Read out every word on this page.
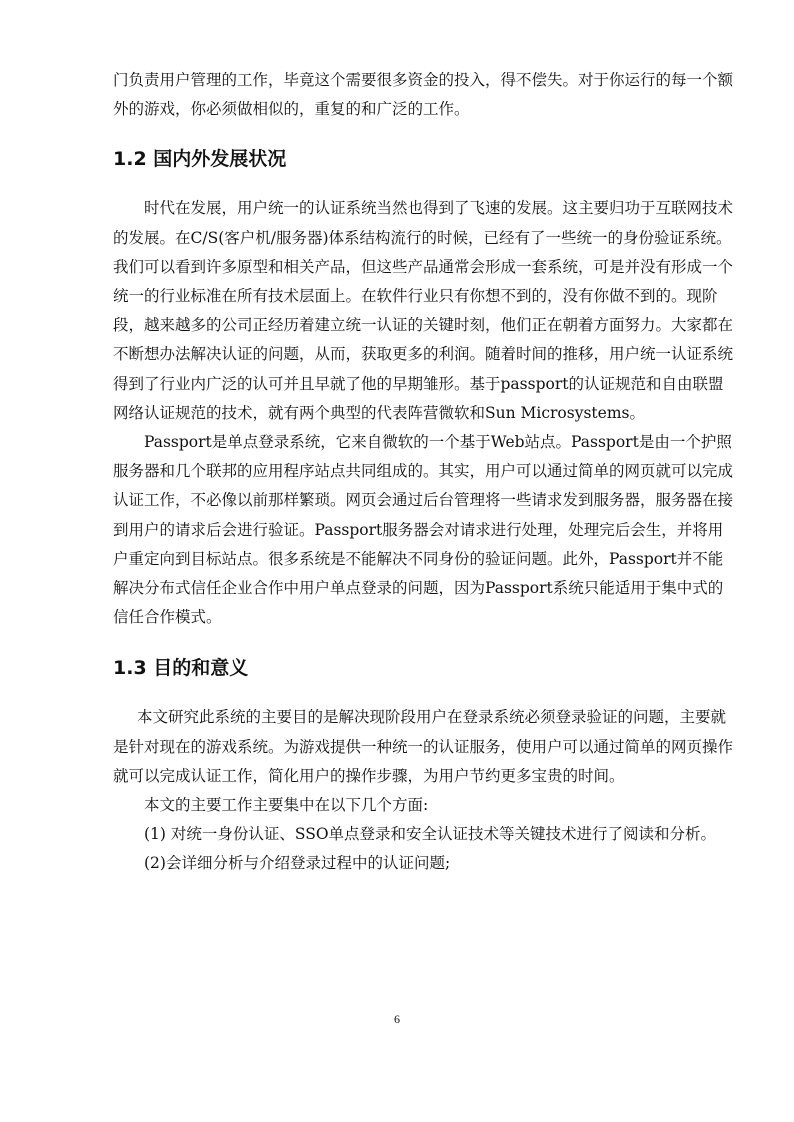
门负责用户管理的工作，毕竟这个需要很多资金的投入，得不偿失。对于你运行的每一个额外的游戏，你必须做相似的，重复的和广泛的工作。

1.2 国内外发展状况

时代在发展，用户统一的认证系统当然也得到了飞速的发展。这主要归功于互联网技术的发展。在C/S(客户机/服务器)体系结构流行的时候，已经有了一些统一的身份验证系统。我们可以看到许多原型和相关产品，但这些产品通常会形成一套系统，可是并没有形成一个统一的行业标准在所有技术层面上。在软件行业只有你想不到的，没有你做不到的。现阶段，越来越多的公司正经历着建立统一认证的关键时刻，他们正在朝着方面努力。大家都在不断想办法解决认证的问题，从而，获取更多的利润。随着时间的推移，用户统一认证系统得到了行业内广泛的认可并且早就了他的早期雏形。基于passport的认证规范和自由联盟网络认证规范的技术，就有两个典型的代表阵营微软和Sun Microsystems。

Passport是单点登录系统，它来自微软的一个基于Web站点。Passport是由一个护照服务器和几个联邦的应用程序站点共同组成的。其实，用户可以通过简单的网页就可以完成认证工作，不必像以前那样繁琐。网页会通过后台管理将一些请求发到服务器，服务器在接到用户的请求后会进行验证。Passport服务器会对请求进行处理，处理完后会生，并将用户重定向到目标站点。很多系统是不能解决不同身份的验证问题。此外，Passport并不能解决分布式信任企业合作中用户单点登录的问题，因为Passport系统只能适用于集中式的信任合作模式。

1.3 目的和意义

本文研究此系统的主要目的是解决现阶段用户在登录系统必须登录验证的问题，主要就是针对现在的游戏系统。为游戏提供一种统一的认证服务，使用户可以通过简单的网页操作就可以完成认证工作，简化用户的操作步骤，为用户节约更多宝贵的时间。

本文的主要工作主要集中在以下几个方面:

(1) 对统一身份认证、SSO单点登录和安全认证技术等关键技术进行了阅读和分析。

(2)会详细分析与介绍登录过程中的认证问题;

6
